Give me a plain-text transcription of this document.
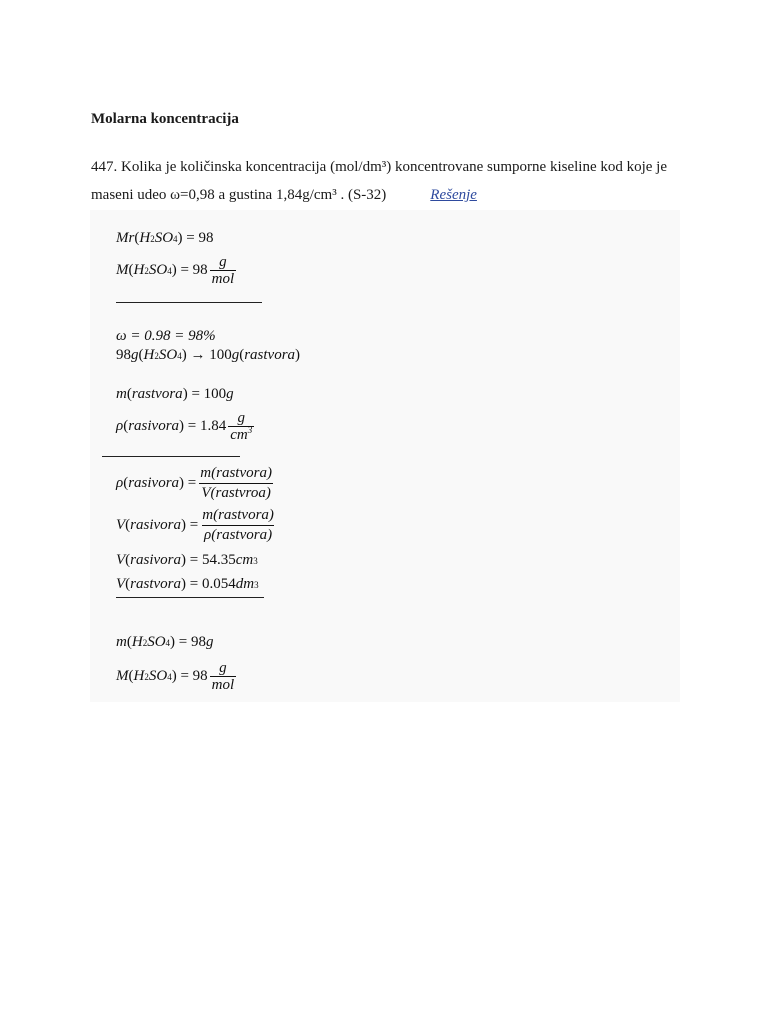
Molarna koncentracija
447. Kolika je količinska koncentracija (mol/dm³) koncentrovane sumporne kiseline kod koje je
maseni udeo ω=0,98 a gustina 1,84g/cm³ . (S-32)	Rešenje
Mr ( H 2 SO 4 ) = 98
M ( H 2 SO 4 ) = $98 \frac{g}{\text{mol}}$
ω = 0.98 = 98%
98 g ( H 2 SO 4 ) → 100 g ( rastvora )
m ( rastvora ) = 100 g
ρ ( rasivora ) = $1.84 \frac{g}{cm^3}$
ρ ( rasivora ) = $\frac{\text{m(rastvora)}}{\text{V(rastvroa)}}$
V ( rasivora ) = $\frac{\text{m(rastvora)}}{\text{ρ(rastvora)}}$
V ( rasivora ) = 54.35 cm 3
V ( rastvora ) = 0.054 dm 3
m ( H 2 SO 4 ) = 98 g
M ( H 2 SO 4 ) = $98 \frac{g}{\text{mol}}$
